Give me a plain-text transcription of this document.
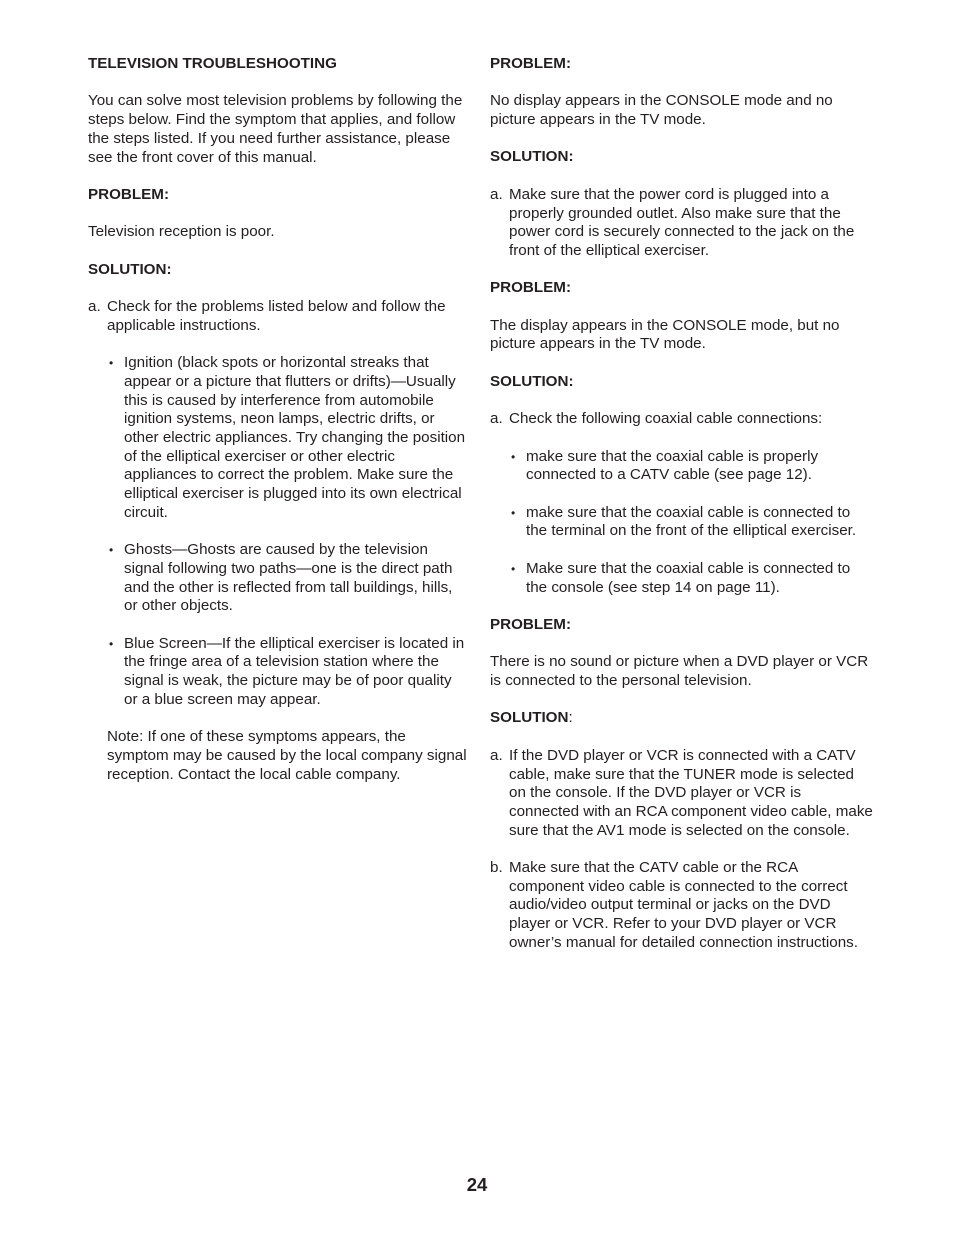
TELEVISION TROUBLESHOOTING

You can solve most television problems by following the steps below. Find the symptom that applies, and follow the steps listed. If you need further assistance, please see the front cover of this manual.

PROBLEM:

Television reception is poor.

SOLUTION:

a. Check for the problems listed below and follow the applicable instructions.
• Ignition (black spots or horizontal streaks that appear or a picture that flutters or drifts)—Usually this is caused by interference from automobile ignition systems, neon lamps, electric drifts, or other electric appliances. Try changing the position of the elliptical exerciser or other electric appliances to correct the problem. Make sure the elliptical exerciser is plugged into its own electrical circuit.
• Ghosts—Ghosts are caused by the television signal following two paths—one is the direct path and the other is reflected from tall buildings, hills, or other objects.
• Blue Screen—If the elliptical exerciser is located in the fringe area of a television station where the signal is weak, the picture may be of poor quality or a blue screen may appear.

Note: If one of these symptoms appears, the symptom may be caused by the local company signal reception. Contact the local cable company.

PROBLEM:

No display appears in the CONSOLE mode and no picture appears in the TV mode.

SOLUTION:

a. Make sure that the power cord is plugged into a properly grounded outlet. Also make sure that the power cord is securely connected to the jack on the front of the elliptical exerciser.

PROBLEM:

The display appears in the CONSOLE mode, but no picture appears in the TV mode.

SOLUTION:

a. Check the following coaxial cable connections:
• make sure that the coaxial cable is properly connected to a CATV cable (see page 12).
• make sure that the coaxial cable is connected to the terminal on the front of the elliptical exerciser.
• Make sure that the coaxial cable is connected to the console (see step 14 on page 11).

PROBLEM:

There is no sound or picture when a DVD player or VCR is connected to the personal television.

SOLUTION:

a. If the DVD player or VCR is connected with a CATV cable, make sure that the TUNER mode is selected on the console. If the DVD player or VCR is connected with an RCA component video cable, make sure that the AV1 mode is selected on the console.
b. Make sure that the CATV cable or the RCA component video cable is connected to the correct audio/video output terminal or jacks on the DVD player or VCR. Refer to your DVD player or VCR owner’s manual for detailed connection instructions.
24
